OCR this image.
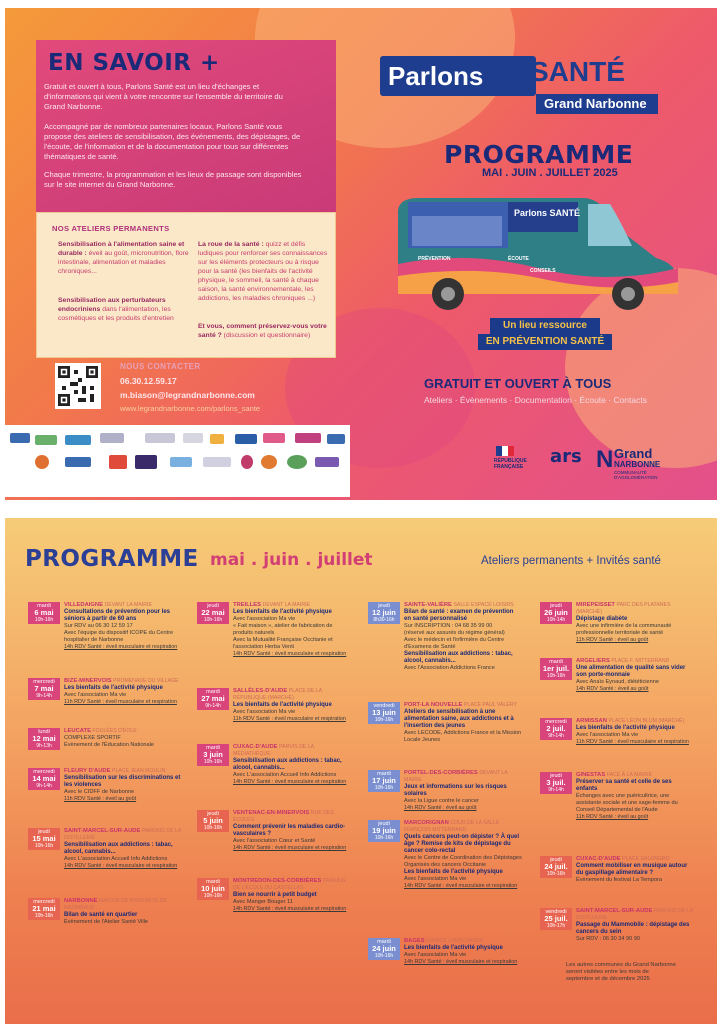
EN SAVOIR +
Gratuit et ouvert à tous, Parlons Santé est un lieu d'échanges et d'informations qui vient à votre rencontre sur l'ensemble du territoire du Grand Narbonne.
Accompagné par de nombreux partenaires locaux, Parlons Santé vous propose des ateliers de sensibilisation, des événements, des dépistages, de l'écoute, de l'information et de la documentation pour tous sur différentes thématiques de santé.
Chaque trimestre, la programmation et les lieux de passage sont disponibles sur le site internet du Grand Narbonne.
NOS ATELIERS PERMANENTS
Sensibilisation à l'alimentation saine et durable : éveil au goût, micronutrition, flore intestinale, alimentation et maladies chroniques...
Sensibilisation aux perturbateurs endocriniens dans l'alimentation, les cosmétiques et les produits d'entretien
La roue de la santé : quizz et défis ludiques pour renforcer ses connaissances sur les éléments protecteurs ou à risque pour la santé (les bienfaits de l'activité physique, le sommeil, la santé à chaque saison, la santé environnementale, les addictions, les maladies chroniques ...)
Et vous, comment préservez-vous votre santé ? (discussion et questionnaire)
NOUS CONTACTER
06.30.12.59.17
m.biason@legrandnarbonne.com
www.legrandnarbonne.com/parlons_sante
Parlons	SANTÉ
Grand Narbonne
PROGRAMME
MAI . JUIN . JUILLET 2025
Parlons SANTÉ
PRÉVENTION	ÉCOUTE
CONSEILS
Un lieu ressource
EN PRÉVENTION SANTÉ
GRATUIT ET OUVERT À TOUS
Ateliers · Évènements · Documentation · Écoute · Contacts
RÉPUBLIQUE FRANÇAISE	ars N Grand
NARBONNE
COMMUNAUTÉ D'AGGLOMÉRATION
PROGRAMME mai . juin . juillet	Ateliers permanents + Invités santé
mardi
6 mai
10h-16h
VILLEDAIGNE DEVANT LA MAIRIE
Consultations de prévention pour les séniors à partir de 60 ans
Sur RDV au 06 30 12 59 17
Avec l'équipe du dispositif ICOPE du Centre hospitalier de Narbonne
14h RDV Santé : éveil musculaire et respiration
mercredi
7 mai
9h-14h
BIZE-MINERVOIS PROMENADE DU VILLAGE
Les bienfaits de l'activité physique
Avec l'association Ma vie
11h RDV Santé : éveil musculaire et respiration
lundi
12 mai
9h-13h
LEUCATE FOULÉES D'ÉOLE
COMPLEXE SPORTIF
Évènement de l'Éducation Nationale
mercredi
14 mai
9h-14h
FLEURY D'AUDE PLACE JEAN MOULIN
Sensibilisation sur les discriminations et les violences
Avec le CIDFF de Narbonne
11h RDV Santé : éveil au goût
jeudi
15 mai
10h-16h
SAINT-MARCEL-SUR-AUDE PARKING DE LA DISTILLERIE
Sensibilisation aux addictions : tabac, alcool, cannabis...
Avec L'association Accueil Info Addictions
14h RDV Santé : éveil musculaire et respiration
mercredi
21 mai
10h-16h
NARBONNE MAISON DE PROXIMITÉ DE RAZIMBAUD
Bilan de santé en quartier
Évènement de l'Atelier Santé Ville
jeudi
22 mai
10h-16h
TREILLES DEVANT LA MAIRIE
Les bienfaits de l'activité physique
Avec l'association Ma vie
« Fait maison », atelier de fabrication de produits naturels
Avec la Mutualité Française Occitanie et l'association Herba Venti
14h RDV Santé : éveil musculaire et respiration
mardi
27 mai
9h-14h
SALLÈLES-D'AUDE PLACE DE LA RÉPUBLIQUE (MARCHÉ)
Les bienfaits de l'activité physique
Avec l'association Ma vie
11h RDV Santé : éveil musculaire et respiration
mardi
3 juin
10h-16h
CUXAC-D'AUDE PARVIS DE LA MÉDIATHÈQUE
Sensibilisation aux addictions : tabac, alcool, cannabis...
Avec L'association Accueil Info Addictions
14h RDV Santé : éveil musculaire et respiration
jeudi
5 juin
10h-16h
VENTENAC-EN-MINERVOIS RUE DES ÉCOLES
Comment prévenir les maladies cardio-vasculaires ?
Avec l'association Cœur et Santé
14h RDV Santé : éveil musculaire et respiration
mardi
10 juin
10h-16h
MONTREDON-DES-CORBIÈRES PARKING DE L'ÉCOLE DU CASTELLAS
Bien se nourrir à petit budget
Avec Manger Bouger 11
14h RDV Santé : éveil musculaire et respiration
jeudi
12 juin
8h30-16h
SAINTE-VALIÈRE SALLE ESPACE LOISIRS
Bilan de santé : examen de prévention en santé personnalisé
Sur INSCRIPTION : 04 68 35 99 00
(réservé aux assurés du régime général)
Avec le médecin et l'infirmière du Centre d'Examens de Santé
Sensibilisation aux addictions : tabac, alcool, cannabis...
Avec l'Association Addictions France
vendredi
13 juin
10h-16h
PORT-LA NOUVELLE PLACE PAUL VALÉRY
Ateliers de sensibilisation à une alimentation saine, aux addictions et à l'insertion des jeunes
Avec LECODE, Addictions France et la Mission Locale Jeunes
mardi
17 juin
10h-16h
PORTEL-DES-CORBIÈRES DEVANT LA MAIRIE
Jeux et informations sur les risques solaires
Avec la Ligue contre le cancer
14h RDV Santé : éveil au goût
jeudi
19 juin
10h-16h
MARCORIGNAN COUR DE LA SALLE FRANÇOIS MITTERRAND
Quels cancers peut-on dépister ? À quel âge ? Remise de kits de dépistage du cancer colo-rectal
Avec le Centre de Coordination des Dépistages Organisés des cancers Occitanie
Les bienfaits de l'activité physique
Avec l'association Ma vie
14h RDV Santé : éveil musculaire et respiration
mardi
24 juin
10h-16h
BAGES ESPACE LOUIS DAUDÉ
Les bienfaits de l'activité physique
Avec l'association Ma vie
14h RDV Santé : éveil musculaire et respiration
jeudi
26 juin
10h-14h
MIREPEISSET PARC DES PLATANES (MARCHÉ)
Dépistage diabète
Avec une infirmière de la communauté professionnelle territoriale de santé
11h RDV Santé : éveil au goût
mardi
1er juil.
10h-16h
ARGELIERS PLACE F. MITTERRAND
Une alimentation de qualité sans vider son porte-monnaie
Avec Anaïs Eynaud, diététicienne
14h RDV Santé : éveil au goût
mercredi
2 juil.
9h-14h
ARMISSAN PLACE LÉON BLUM (MARCHÉ)
Les bienfaits de l'activité physique
Avec l'association Ma vie
11h RDV Santé : éveil musculaire et respiration
jeudi
3 juil.
9h-14h
GINESTAS FACE À LA MAIRIE
Préserver sa santé et celle de ses enfants
Échanges avec une puéricultrice, une assistante sociale et une sage-femme du Conseil Départemental de l'Aude
11h RDV Santé : éveil au goût
jeudi
24 juil.
10h-16h
CUXAC-D'AUDE PLACE SALENGRO
Comment mobiliser en musique autour du gaspillage alimentaire ?
Évènement du festival La Tempora
vendredi
25 juil.
10h-17h
SAINT-MARCEL-SUR-AUDE PARKING DE LA DISTILLERIE
Passage du Mammobile : dépistage des cancers du sein
Sur RDV : 06 30 34 90 90
Les autres communes du Grand Narbonne seront visitées entre les mois de septembre et de décembre 2025
